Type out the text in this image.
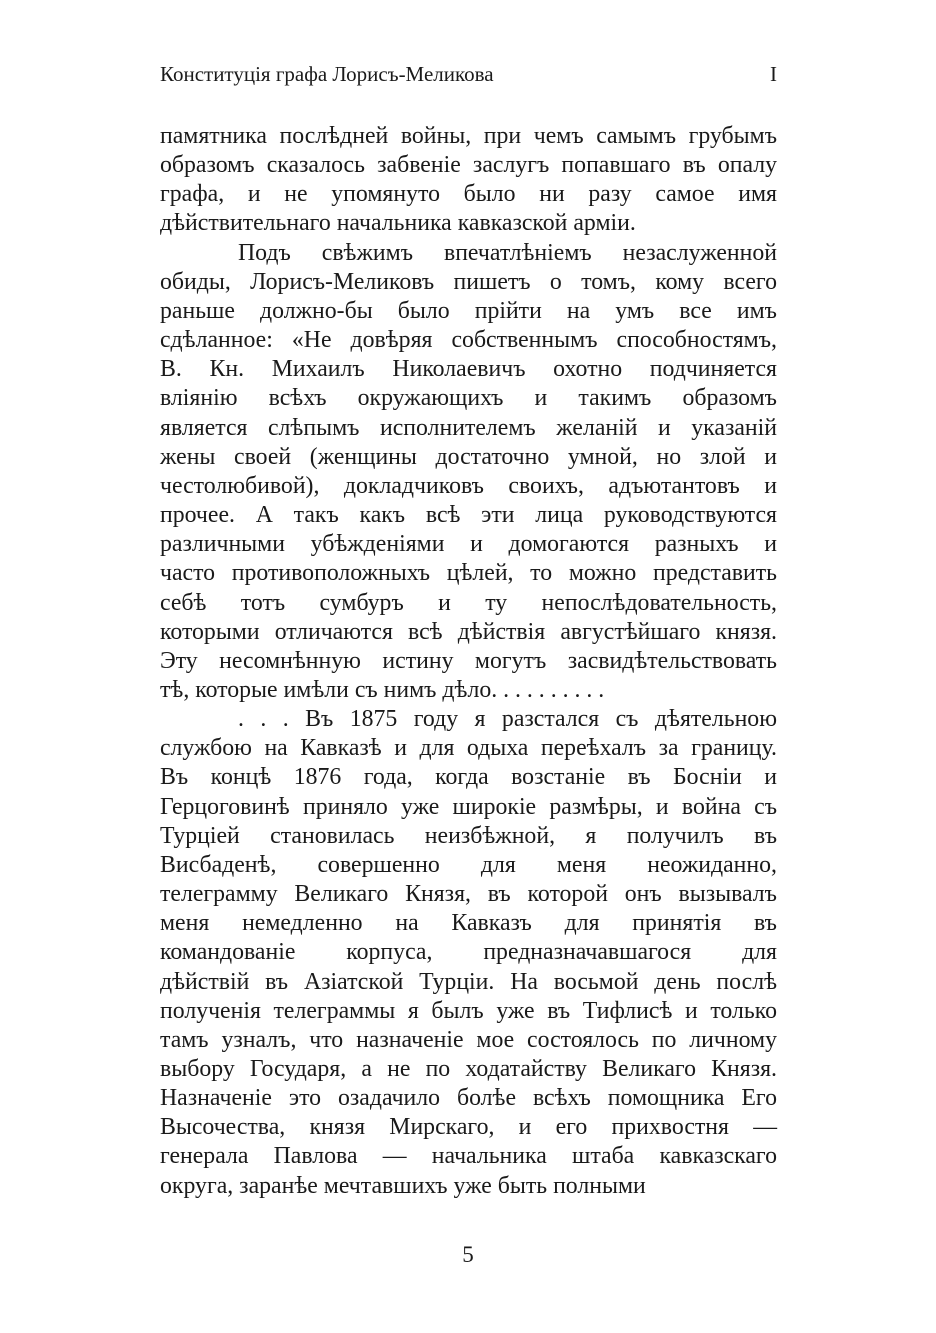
Конституція графа Лорисъ-Меликова	I

памятника послѣдней войны, при чемъ самымъ грубымъ
образомъ сказалось забвеніе заслугъ попавшаго въ опалу
графа, и не упомянуто было ни разу самое имя
дѣйствительнаго начальника кавказской арміи.

Подъ свѣжимъ впечатлѣніемъ незаслуженной
обиды, Лорисъ-Меликовъ пишетъ о томъ, кому всего
раньше должно-бы было прійти на умъ все имъ
сдѣланное: «Не довѣряя собственнымъ способностямъ,
В. Кн. Михаилъ Николаевичъ охотно подчиняется
вліянію всѣхъ окружающихъ и такимъ образомъ
является слѣпымъ исполнителемъ желаній и указаній
жены своей (женщины достаточно умной, но злой и
честолюбивой), докладчиковъ своихъ, адъютантовъ и
прочее. А такъ какъ всѣ эти лица руководствуются
различными убѣжденіями и домогаются разныхъ и
часто противоположныхъ цѣлей, то можно представить
себѣ тотъ сумбуръ и ту непослѣдовательность,
которыми отличаются всѣ дѣйствія августѣйшаго князя.
Эту несомнѣнную истину могутъ засвидѣтельствовать
тѣ, которые имѣли съ нимъ дѣло. . . . . . . . . .

. . . Въ 1875 году я разстался съ дѣятельною
службою на Кавказѣ и для одыха переѣхалъ за границу.
Въ концѣ 1876 года, когда возстаніе въ Босніи и
Герцоговинѣ приняло уже широкіе размѣры, и война съ
Турціей становилась неизбѣжной, я получилъ въ
Висбаденѣ, совершенно для меня неожиданно,
телеграмму Великаго Князя, въ которой онъ вызывалъ
меня немедленно на Кавказъ для принятія въ
командованіе корпуса, предназначавшагося для
дѣйствій въ Азіатской Турціи. На восьмой день послѣ
полученія телеграммы я былъ уже въ Тифлисѣ и только
тамъ узналъ, что назначеніе мое состоялось по личному
выбору Государя, а не по ходатайству Великаго Князя.
Назначеніе это озадачило болѣе всѣхъ помощника Его
Высочества, князя Мирскаго, и его прихвостня —
генерала Павлова — начальника штаба кавказскаго
округа, заранѣе мечтавшихъ уже быть полными

5
